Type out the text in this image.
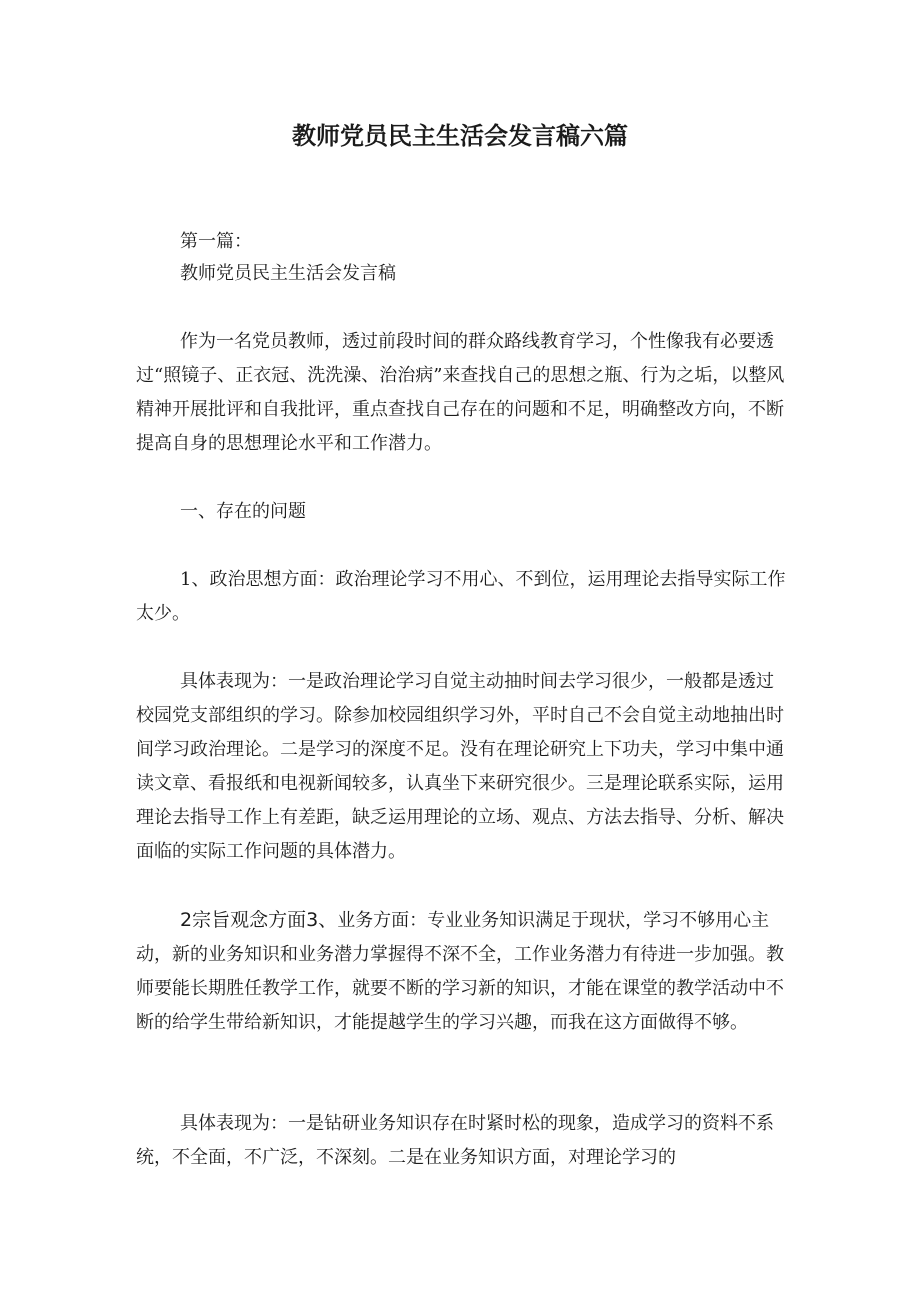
教师党员民主生活会发言稿六篇

第一篇：

教师党员民主生活会发言稿

作为一名党员教师，透过前段时间的群众路线教育学习，个性像我有必要透过“照镜子、正衣冠、洗洗澡、治治病”来查找自己的思想之瓶、行为之垢，以整风精神开展批评和自我批评，重点查找自己存在的问题和不足，明确整改方向，不断提高自身的思想理论水平和工作潜力。

一、存在的问题

1、政治思想方面：政治理论学习不用心、不到位，运用理论去指导实际工作太少。

具体表现为：一是政治理论学习自觉主动抽时间去学习很少，一般都是透过校园党支部组织的学习。除参加校园组织学习外，平时自己不会自觉主动地抽出时间学习政治理论。二是学习的深度不足。没有在理论研究上下功夫，学习中集中通读文章、看报纸和电视新闻较多，认真坐下来研究很少。三是理论联系实际，运用理论去指导工作上有差距，缺乏运用理论的立场、观点、方法去指导、分析、解决面临的实际工作问题的具体潜力。

2宗旨观念方面3、业务方面：专业业务知识满足于现状，学习不够用心主动，新的业务知识和业务潜力掌握得不深不全，工作业务潜力有待进一步加强。教师要能长期胜任教学工作，就要不断的学习新的知识，才能在课堂的教学活动中不断的给学生带给新知识，才能提越学生的学习兴趣，而我在这方面做得不够。

具体表现为：一是钻研业务知识存在时紧时松的现象，造成学习的资料不系统，不全面，不广泛，不深刻。二是在业务知识方面，对理论学习的
